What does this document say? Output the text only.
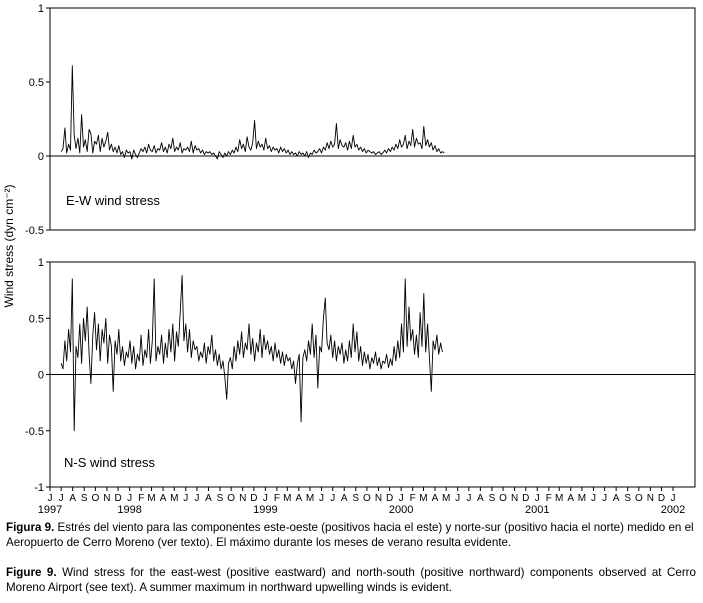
1
0.5
0
-0.5
E-W wind stress
1
0.5
0
-0.5
-1
N-S wind stress
J J A S O N D J F M A M J J A S O N D J F M A M J J A S O N D J F M A M J J A S O N D J F M A M J J A S O N D J
1997	1998	1999	2000	2001	2002
Wind stress (dyn cm⁻²)
Figura 9. Estrés del viento para las componentes este-oeste (positivos hacia el este) y norte-sur (positivo hacia el norte) medido en el Aeropuerto de Cerro Moreno (ver texto). El máximo durante los meses de verano resulta evidente.
Figure 9. Wind stress for the east-west (positive eastward) and north-south (positive northward) components observed at Cerro Moreno Airport (see text). A summer maximum in northward upwelling winds is evident.
